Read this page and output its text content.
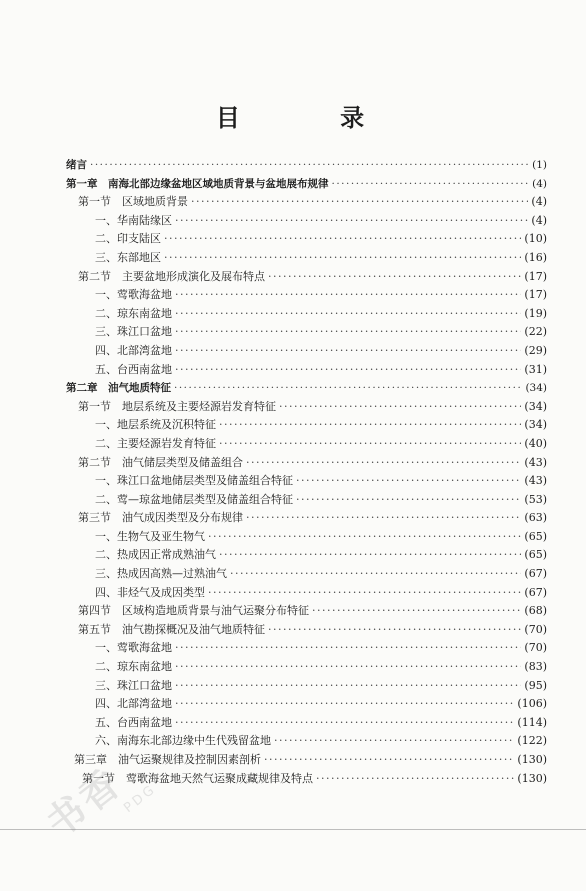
目 录
绪言 ·····	(1)
第一章　南海北部边缘盆地区域地质背景与盆地展布规律 ·····	(4)
第一节　区域地质背景 ·····	(4)
一、华南陆缘区 ·····	(4)
二、印支陆区 ·····	(10)
三、东部地区 ·····	(16)
第二节　主要盆地形成演化及展布特点 ·····	(17)
一、莺歌海盆地 ·····	(17)
二、琼东南盆地 ·····	(19)
三、珠江口盆地 ·····	(22)
四、北部湾盆地 ·····	(29)
五、台西南盆地 ·····	(31)
第二章　油气地质特征 ·····	(34)
第一节　地层系统及主要烃源岩发育特征 ·····	(34)
一、地层系统及沉积特征 ·····	(34)
二、主要烃源岩发育特征 ·····	(40)
第二节　油气储层类型及储盖组合 ·····	(43)
一、珠江口盆地储层类型及储盖组合特征 ·····	(43)
二、莺—琼盆地储层类型及储盖组合特征 ·····	(53)
第三节　油气成因类型及分布规律 ·····	(63)
一、生物气及亚生物气 ·····	(65)
二、热成因正常成熟油气 ·····	(65)
三、热成因高熟—过熟油气 ·····	(67)
四、非烃气及成因类型 ·····	(67)
第四节　区域构造地质背景与油气运聚分布特征 ·····	(68)
第五节　油气勘探概况及油气地质特征 ·····	(70)
一、莺歌海盆地 ·····	(70)
二、琼东南盆地 ·····	(83)
三、珠江口盆地 ·····	(95)
四、北部湾盆地 ·····	(106)
五、台西南盆地 ·····	(114)
六、南海东北部边缘中生代残留盆地 ·····	(122)
第三章　油气运聚规律及控制因素剖析 ·····	(130)
第一节　莺歌海盆地天然气运聚成藏规律及特点 ·····	(130)
书香
PDG
